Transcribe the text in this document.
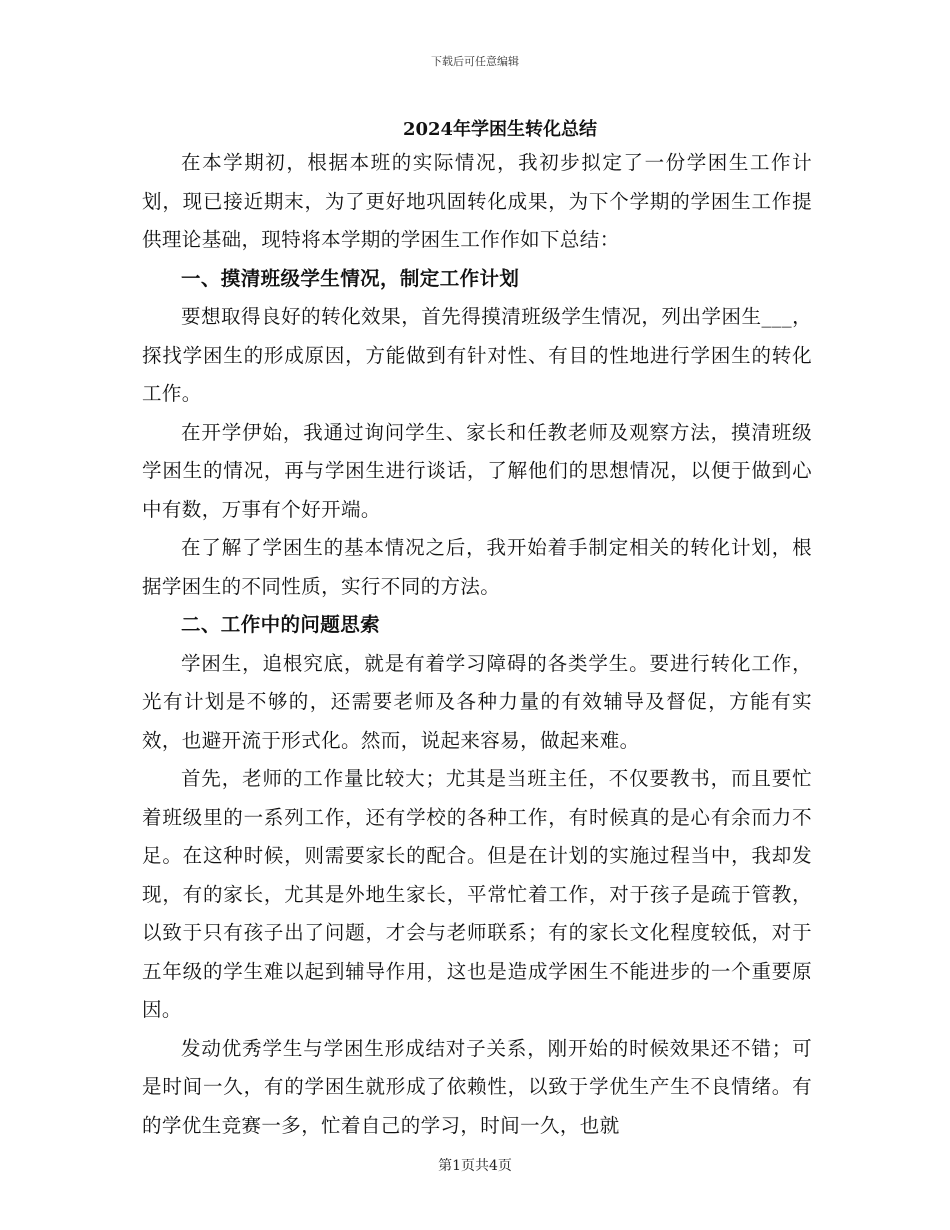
下载后可任意编辑
2024年学困生转化总结

在本学期初，根据本班的实际情况，我初步拟定了一份学困生工作计划，现已接近期末，为了更好地巩固转化成果，为下个学期的学困生工作提供理论基础，现特将本学期的学困生工作作如下总结：

一、摸清班级学生情况，制定工作计划

要想取得良好的转化效果，首先得摸清班级学生情况，列出学困生___，探找学困生的形成原因，方能做到有针对性、有目的性地进行学困生的转化工作。

在开学伊始，我通过询问学生、家长和任教老师及观察方法，摸清班级学困生的情况，再与学困生进行谈话，了解他们的思想情况，以便于做到心中有数，万事有个好开端。

在了解了学困生的基本情况之后，我开始着手制定相关的转化计划，根据学困生的不同性质，实行不同的方法。

二、工作中的问题思索

学困生，追根究底，就是有着学习障碍的各类学生。要进行转化工作，光有计划是不够的，还需要老师及各种力量的有效辅导及督促，方能有实效，也避开流于形式化。然而，说起来容易，做起来难。

首先，老师的工作量比较大；尤其是当班主任，不仅要教书，而且要忙着班级里的一系列工作，还有学校的各种工作，有时候真的是心有余而力不足。在这种时候，则需要家长的配合。但是在计划的实施过程当中，我却发现，有的家长，尤其是外地生家长，平常忙着工作，对于孩子是疏于管教，以致于只有孩子出了问题，才会与老师联系；有的家长文化程度较低，对于五年级的学生难以起到辅导作用，这也是造成学困生不能进步的一个重要原因。

发动优秀学生与学困生形成结对子关系，刚开始的时候效果还不错；可是时间一久，有的学困生就形成了依赖性，以致于学优生产生不良情绪。有的学优生竞赛一多，忙着自己的学习，时间一久，也就

第1页共4页
